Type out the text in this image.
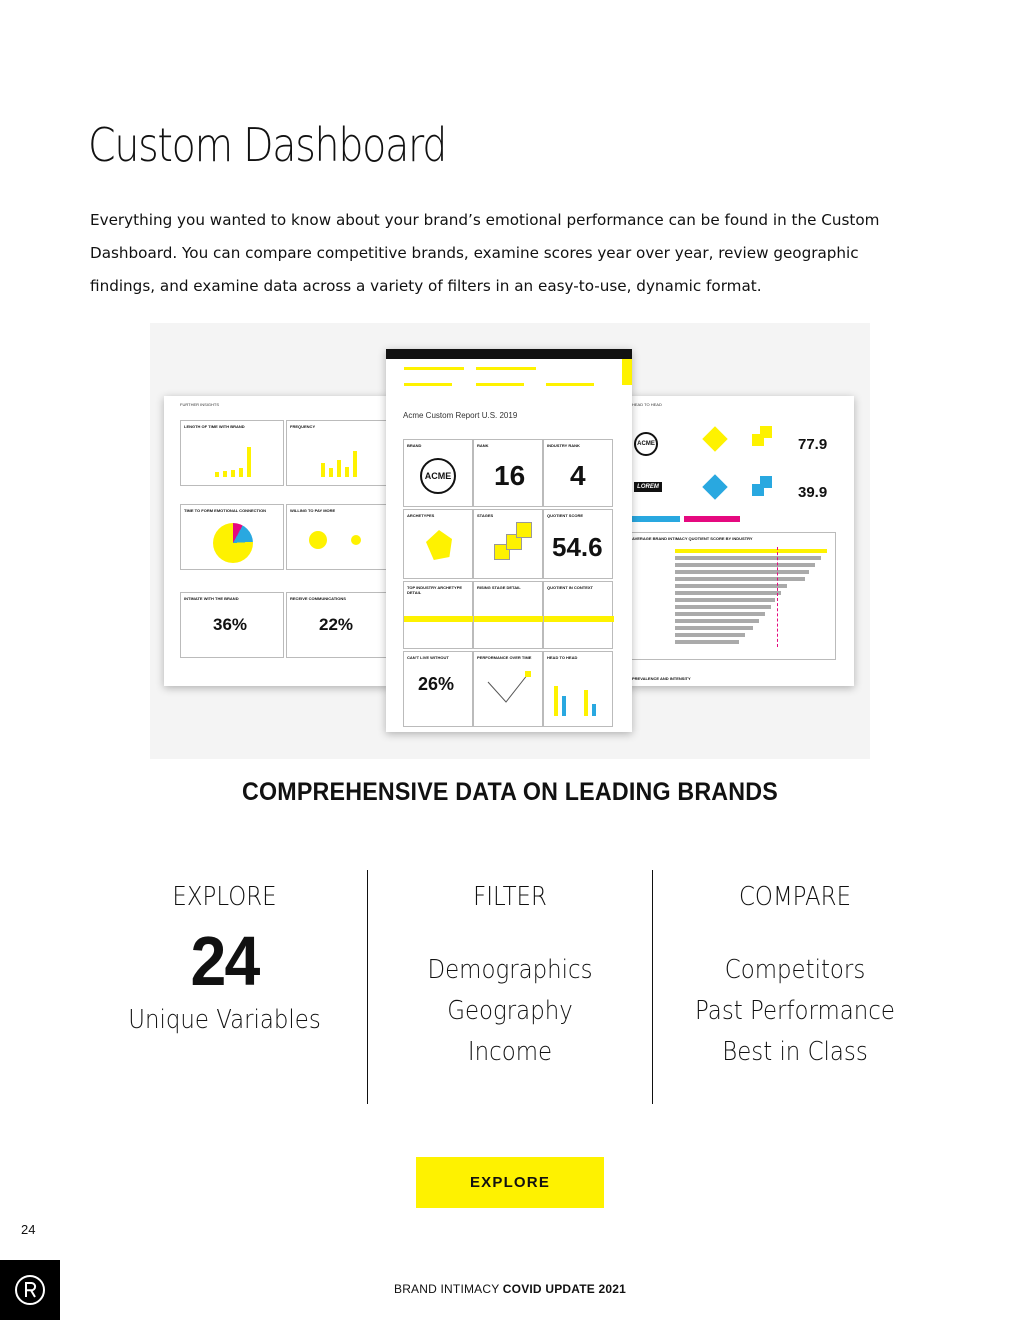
Custom Dashboard
Everything you wanted to know about your brand’s emotional performance can be found in the Custom Dashboard. You can compare competitive brands, examine scores year over year, review geographic findings, and examine data across a variety of filters in an easy-to-use, dynamic format.
FURTHER INSIGHTS
LENGTH OF TIME WITH BRAND	FREQUENCY
TIME TO FORM EMOTIONAL CONNECTION	WILLING TO PAY MORE
INTIMATE WITH THE BRAND
36%
RECEIVE COMMUNICATIONS
22%
HEAD TO HEAD
ACME	77.9
LOREM	39.9
AVERAGE BRAND INTIMACY QUOTIENT SCORE BY INDUSTRY
PREVALENCE AND INTENSITY
Acme Custom Report U.S. 2019
BRAND
ACME
RANK
16
INDUSTRY RANK
4
ARCHETYPES	STAGES	QUOTIENT SCORE
54.6
TOP INDUSTRY ARCHETYPE DETAIL
RISING STAGE DETAIL	QUOTIENT IN CONTEXT
CAN'T LIVE WITHOUT
26%
PERFORMANCE OVER TIME	HEAD TO HEAD
COMPREHENSIVE DATA ON LEADING BRANDS
EXPLORE
24
Unique Variables
FILTER
Demographics
Geography
Income
COMPARE
Competitors
Past Performance
Best in Class
EXPLORE
24
BRAND INTIMACY COVID UPDATE 2021
